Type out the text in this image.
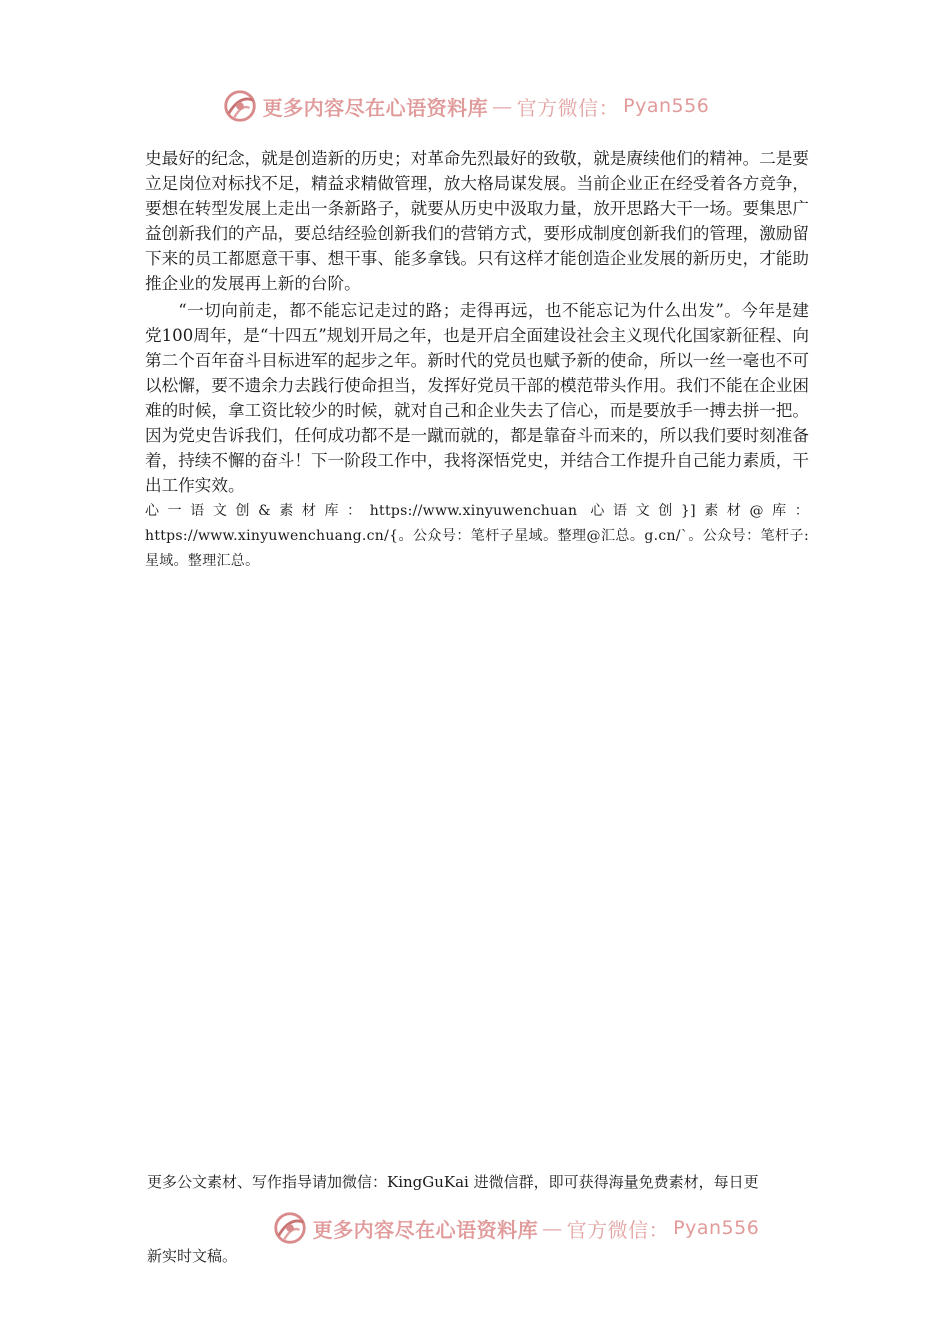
更多内容尽在心语资料库 — 官方微信： Pyan556

史最好的纪念，就是创造新的历史；对革命先烈最好的致敬，就是赓续他们的精神。二是要立足岗位对标找不足，精益求精做管理，放大格局谋发展。当前企业正在经受着各方竞争，要想在转型发展上走出一条新路子，就要从历史中汲取力量，放开思路大干一场。要集思广益创新我们的产品，要总结经验创新我们的营销方式，要形成制度创新我们的管理，激励留下来的员工都愿意干事、想干事、能多拿钱。只有这样才能创造企业发展的新历史，才能助推企业的发展再上新的台阶。

“一切向前走，都不能忘记走过的路；走得再远，也不能忘记为什么出发”。今年是建党100周年，是“十四五”规划开局之年，也是开启全面建设社会主义现代化国家新征程、向第二个百年奋斗目标进军的起步之年。新时代的党员也赋予新的使命，所以一丝一毫也不可以松懈，要不遗余力去践行使命担当，发挥好党员干部的模范带头作用。我们不能在企业困难的时候，拿工资比较少的时候，就对自己和企业失去了信心，而是要放手一搏去拼一把。因为党史告诉我们，任何成功都不是一蹴而就的，都是靠奋斗而来的，所以我们要时刻准备着，持续不懈的奋斗！下一阶段工作中，我将深悟党史，并结合工作提升自己能力素质，干出工作实效。

心一语文创&素材库：https://www.xinyuwenchuan 心语文创}]素材@库：https://www.xinyuwenchuang.cn/{。公众号：笔杆子星域。整理@汇总。g.cn/`。公众号：笔杆子:星域。整理汇总。

更多公文素材、写作指导请加微信：KingGuKai 进微信群，即可获得海量免费素材，每日更
更多内容尽在心语资料库 — 官方微信： Pyan556
新实时文稿。
